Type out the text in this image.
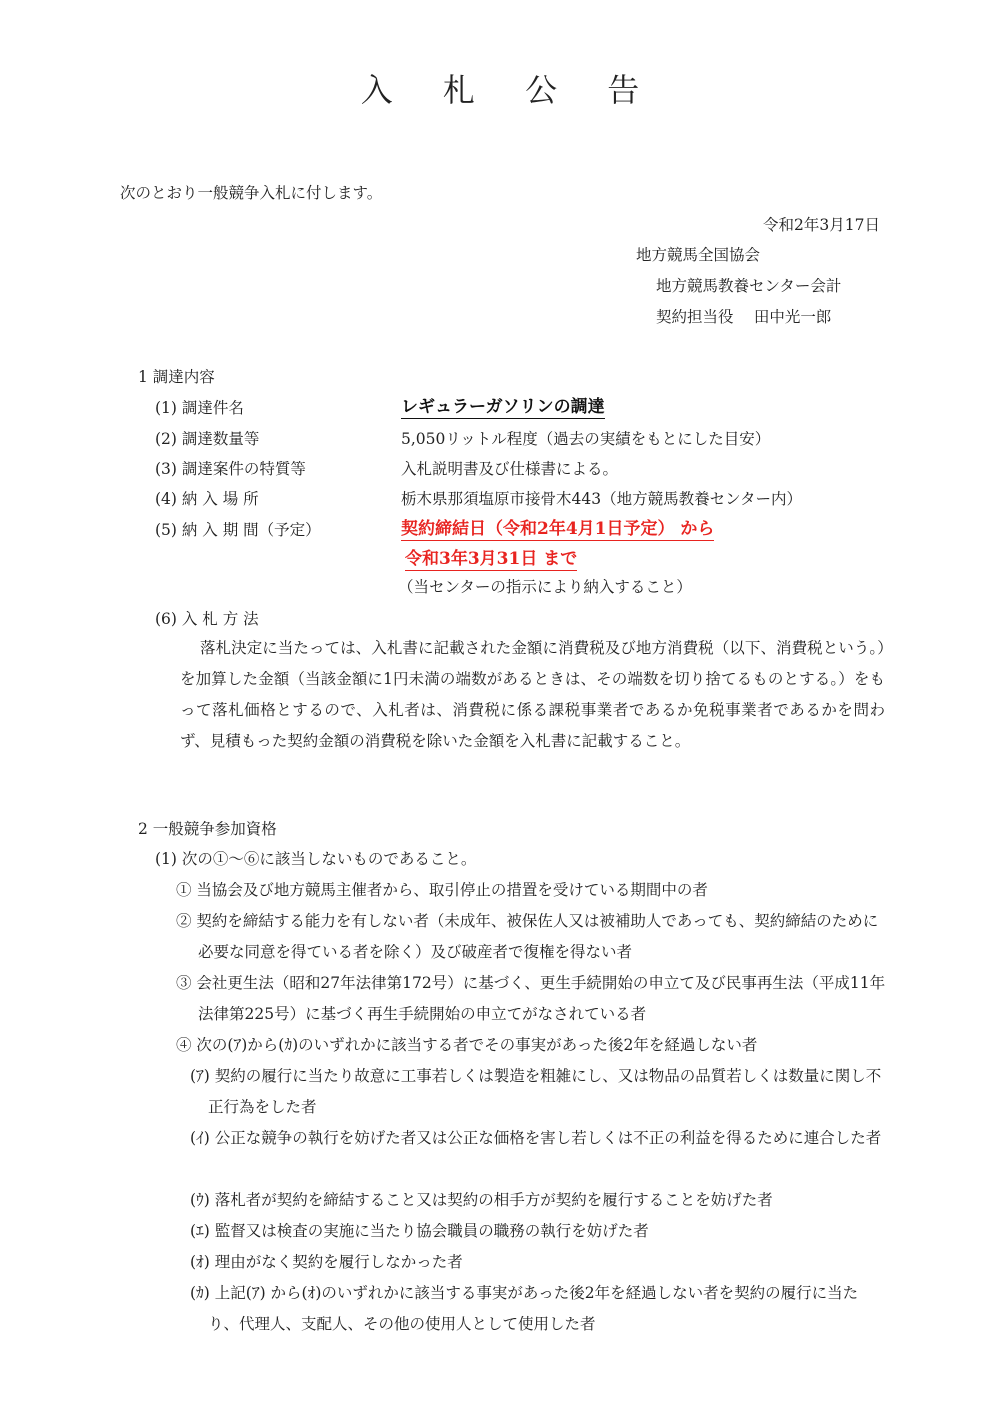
入 札 公 告
次のとおり一般競争入札に付します。
令和2年3月17日
地方競馬全国協会
地方競馬教養センター会計
契約担当役　 田中光一郎
1 調達内容
(1) 調達件名	レギュラーガソリンの調達
(2) 調達数量等	5,050リットル程度（過去の実績をもとにした目安）
(3) 調達案件の特質等	入札説明書及び仕様書による。
(4) 納 入 場 所	栃木県那須塩原市接骨木443（地方競馬教養センター内）
(5) 納 入 期 間（予定）	契約締結日（令和2年4月1日予定） から
令和3年3月31日 まで
（当センターの指示により納入すること）
(6) 入 札 方 法
落札決定に当たっては、入札書に記載された金額に消費税及び地方消費税（以下、消費税という。）を加算した金額（当該金額に1円未満の端数があるときは、その端数を切り捨てるものとする。）をもって落札価格とするので、入札者は、消費税に係る課税事業者であるか免税事業者であるかを問わず、見積もった契約金額の消費税を除いた金額を入札書に記載すること。
2 一般競争参加資格
(1) 次の①～⑥に該当しないものであること。
① 当協会及び地方競馬主催者から、取引停止の措置を受けている期間中の者
② 契約を締結する能力を有しない者（未成年、被保佐人又は被補助人であっても、契約締結のために必要な同意を得ている者を除く）及び破産者で復権を得ない者
③ 会社更生法（昭和27年法律第172号）に基づく、更生手続開始の申立て及び民事再生法（平成11年法律第225号）に基づく再生手続開始の申立てがなされている者
④ 次の(ｱ)から(ｶ)のいずれかに該当する者でその事実があった後2年を経過しない者
(ｱ) 契約の履行に当たり故意に工事若しくは製造を粗雑にし、又は物品の品質若しくは数量に関し不正行為をした者
(ｲ) 公正な競争の執行を妨げた者又は公正な価格を害し若しくは不正の利益を得るために連合した者
(ｳ) 落札者が契約を締結すること又は契約の相手方が契約を履行することを妨げた者
(ｴ) 監督又は検査の実施に当たり協会職員の職務の執行を妨げた者
(ｵ) 理由がなく契約を履行しなかった者
(ｶ) 上記(ｱ) から(ｵ)のいずれかに該当する事実があった後2年を経過しない者を契約の履行に当たり、代理人、支配人、その他の使用人として使用した者
